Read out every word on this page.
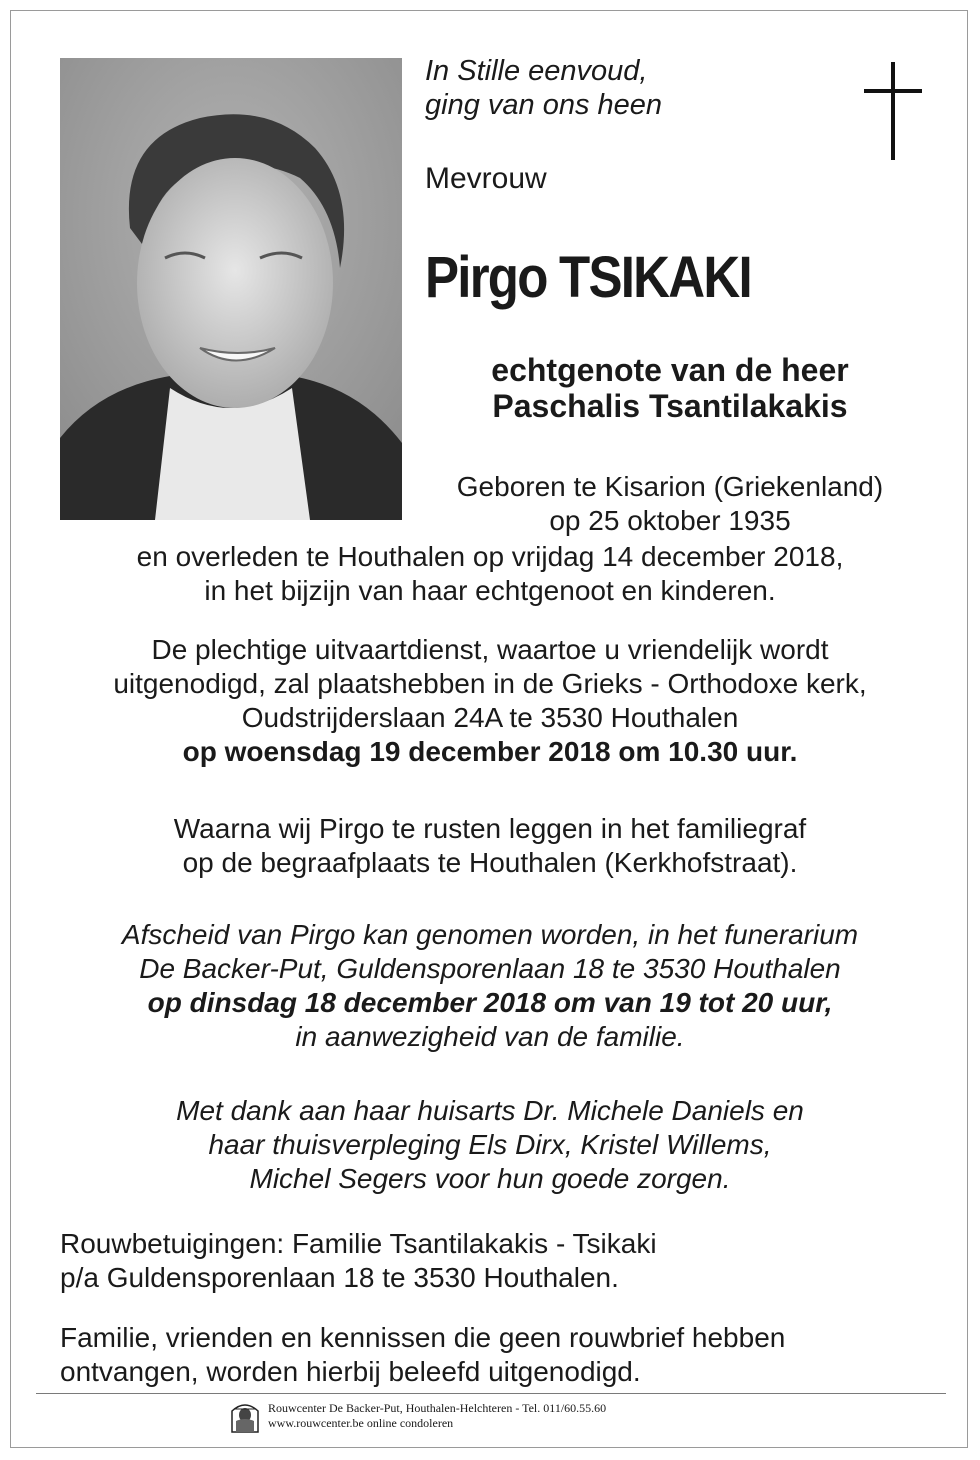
In Stille eenvoud,
ging van ons heen
Mevrouw
Pirgo TSIKAKI
echtgenote van de heer
Paschalis Tsantilakakis
Geboren te Kisarion (Griekenland)
op 25 oktober 1935
en overleden te Houthalen op vrijdag 14 december 2018,
in het bijzijn van haar echtgenoot en kinderen.
De plechtige uitvaartdienst, waartoe u vriendelijk wordt
uitgenodigd, zal plaatshebben in de Grieks - Orthodoxe kerk,
Oudstrijderslaan 24A te 3530 Houthalen
op woensdag 19 december 2018 om 10.30 uur.
Waarna wij Pirgo te rusten leggen in het familiegraf
op de begraafplaats te Houthalen (Kerkhofstraat).
Afscheid van Pirgo kan genomen worden, in het funerarium
De Backer-Put, Guldensporenlaan 18 te 3530 Houthalen
op dinsdag 18 december 2018 om van 19 tot 20 uur,
in aanwezigheid van de familie.
Met dank aan haar huisarts Dr. Michele Daniels en
haar thuisverpleging Els Dirx, Kristel Willems,
Michel Segers voor hun goede zorgen.
Rouwbetuigingen: Familie Tsantilakakis - Tsikaki
p/a Guldensporenlaan 18 te 3530 Houthalen.
Familie, vrienden en kennissen die geen rouwbrief hebben
ontvangen, worden hierbij beleefd uitgenodigd.
Rouwcenter De Backer-Put, Houthalen-Helchteren - Tel. 011/60.55.60
www.rouwcenter.be online condoleren
